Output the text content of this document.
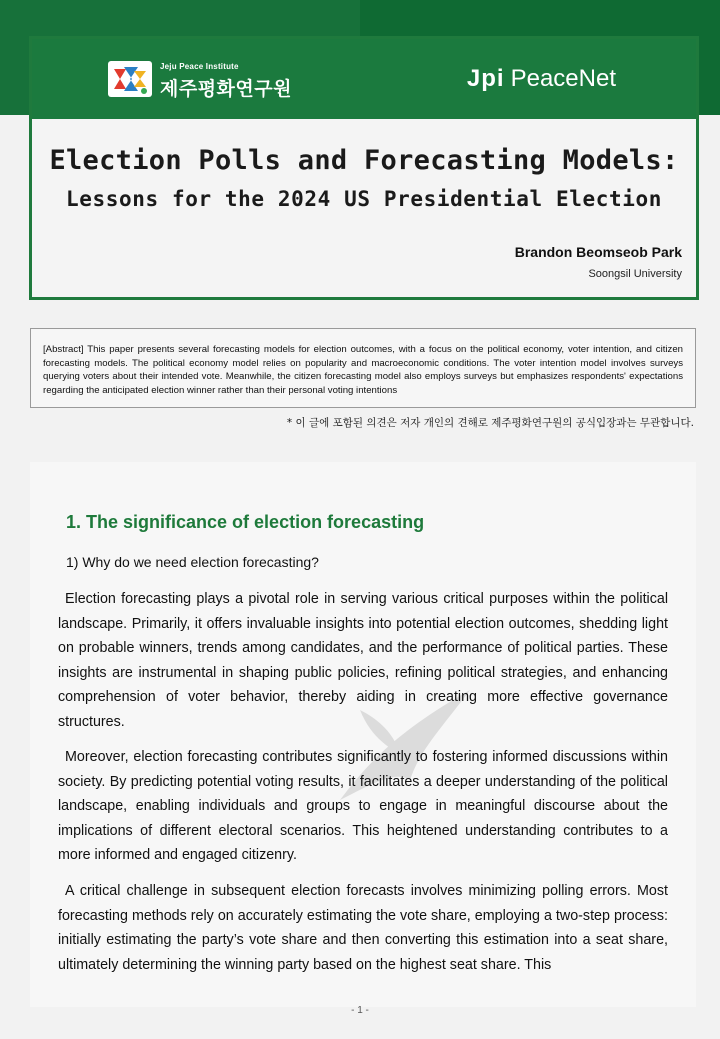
Jeju Peace Institute
제주평화연구원	Jpi PeaceNet
Election Polls and Forecasting Models:
Lessons for the 2024 US Presidential Election
Brandon Beomseob Park
Soongsil University

[Abstract] This paper presents several forecasting models for election outcomes, with a focus on the political economy, voter intention, and citizen forecasting models. The political economy model relies on popularity and macroeconomic conditions. The voter intention model involves surveys querying voters about their intended vote. Meanwhile, the citizen forecasting model also employs surveys but emphasizes respondents' expectations regarding the anticipated election winner rather than their personal voting intentions

* 이 글에 포함된 의견은 저자 개인의 견해로 제주평화연구원의 공식입장과는 무관합니다.
1. The significance of election forecasting
1) Why do we need election forecasting?

Election forecasting plays a pivotal role in serving various critical purposes within the political landscape. Primarily, it offers invaluable insights into potential election outcomes, shedding light on probable winners, trends among candidates, and the performance of political parties. These insights are instrumental in shaping public policies, refining political strategies, and enhancing comprehension of voter behavior, thereby aiding in creating more effective governance structures.

Moreover, election forecasting contributes significantly to fostering informed discussions within society. By predicting potential voting results, it facilitates a deeper understanding of the political landscape, enabling individuals and groups to engage in meaningful discourse about the implications of different electoral scenarios. This heightened understanding contributes to a more informed and engaged citizenry.

A critical challenge in subsequent election forecasts involves minimizing polling errors. Most forecasting methods rely on accurately estimating the vote share, employing a two-step process: initially estimating the party’s vote share and then converting this estimation into a seat share, ultimately determining the winning party based on the highest seat share. This

- 1 -
